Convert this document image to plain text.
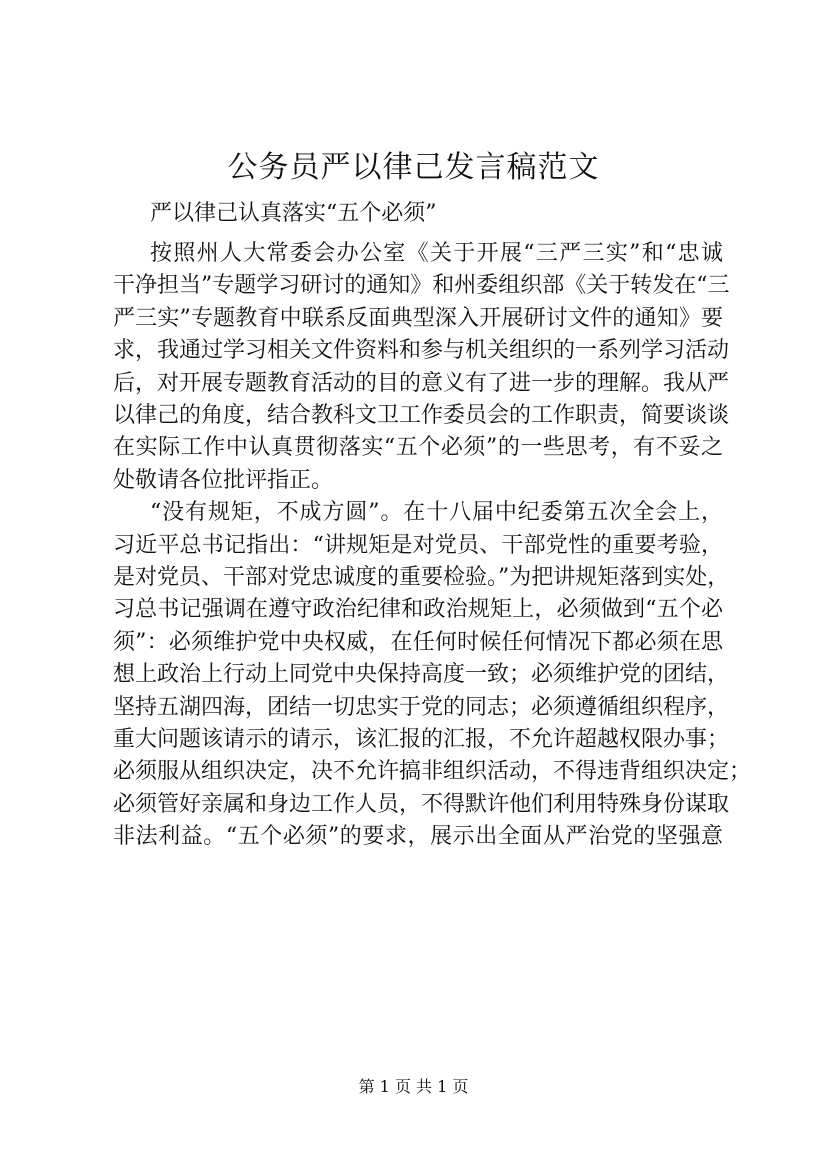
公务员严以律己发言稿范文

严以律己认真落实“五个必须”

按照州人大常委会办公室《关于开展“三严三实”和“忠诚

干净担当”专题学习研讨的通知》和州委组织部《关于转发在“三

严三实”专题教育中联系反面典型深入开展研讨文件的通知》要

求，我通过学习相关文件资料和参与机关组织的一系列学习活动

后，对开展专题教育活动的目的意义有了进一步的理解。我从严

以律己的角度，结合教科文卫工作委员会的工作职责，简要谈谈

在实际工作中认真贯彻落实“五个必须”的一些思考，有不妥之

处敬请各位批评指正。

“没有规矩，不成方圆”。在十八届中纪委第五次全会上，

习近平总书记指出：“讲规矩是对党员、干部党性的重要考验，

是对党员、干部对党忠诚度的重要检验。”为把讲规矩落到实处，

习总书记强调在遵守政治纪律和政治规矩上，必须做到“五个必

须”：必须维护党中央权威，在任何时候任何情况下都必须在思

想上政治上行动上同党中央保持高度一致；必须维护党的团结，

坚持五湖四海，团结一切忠实于党的同志；必须遵循组织程序，

重大问题该请示的请示，该汇报的汇报，不允许超越权限办事；

必须服从组织决定，决不允许搞非组织活动，不得违背组织决定；

必须管好亲属和身边工作人员，不得默许他们利用特殊身份谋取

非法利益。“五个必须”的要求，展示出全面从严治党的坚强意

第 1 页 共 1 页
